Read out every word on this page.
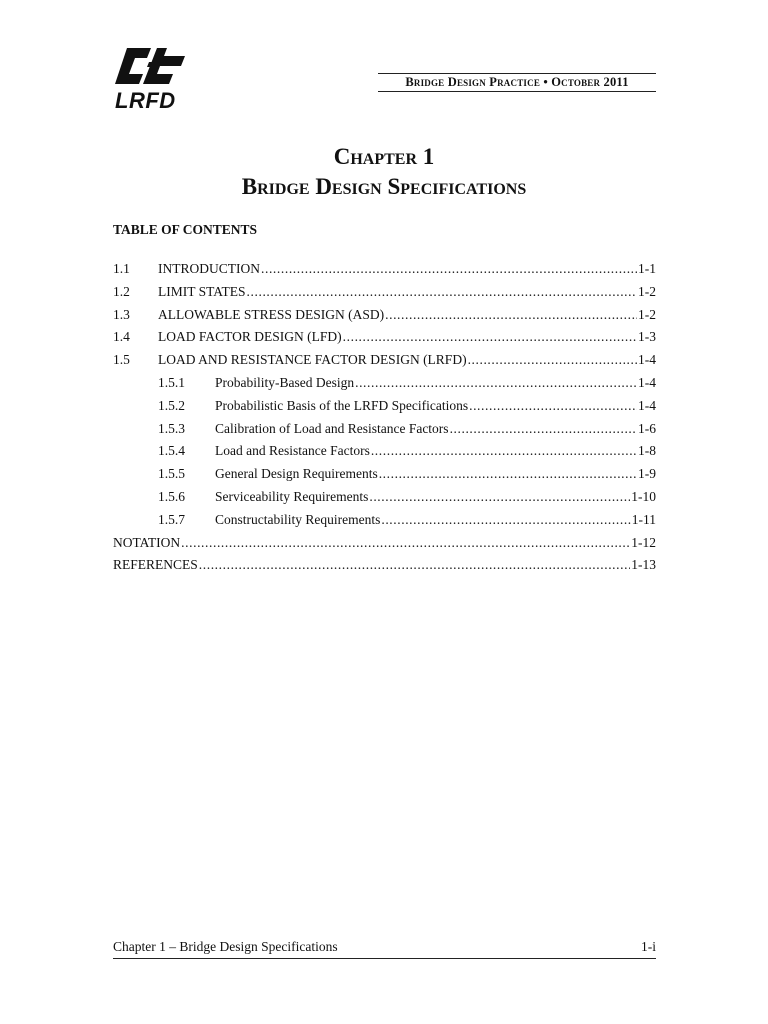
LRFD
Bridge Design Practice • October 2011
Chapter 1
Bridge Design Specifications
TABLE OF CONTENTS
1.1	INTRODUCTION .....	1-1
1.2	LIMIT STATES .....	1-2
1.3	ALLOWABLE STRESS DESIGN (ASD) .....	1-2
1.4	LOAD FACTOR DESIGN (LFD) .....	1-3
1.5	LOAD AND RESISTANCE FACTOR DESIGN (LRFD) .....	1-4
1.5.1	Probability-Based Design .....	1-4
1.5.2	Probabilistic Basis of the LRFD Specifications .....	1-4
1.5.3	Calibration of Load and Resistance Factors .....	1-6
1.5.4	Load and Resistance Factors .....	1-8
1.5.5	General Design Requirements .....	1-9
1.5.6	Serviceability Requirements .....	1-10
1.5.7	Constructability Requirements .....	1-11
NOTATION .....	1-12
REFERENCES .....	1-13
Chapter 1 – Bridge Design Specifications	1-i
